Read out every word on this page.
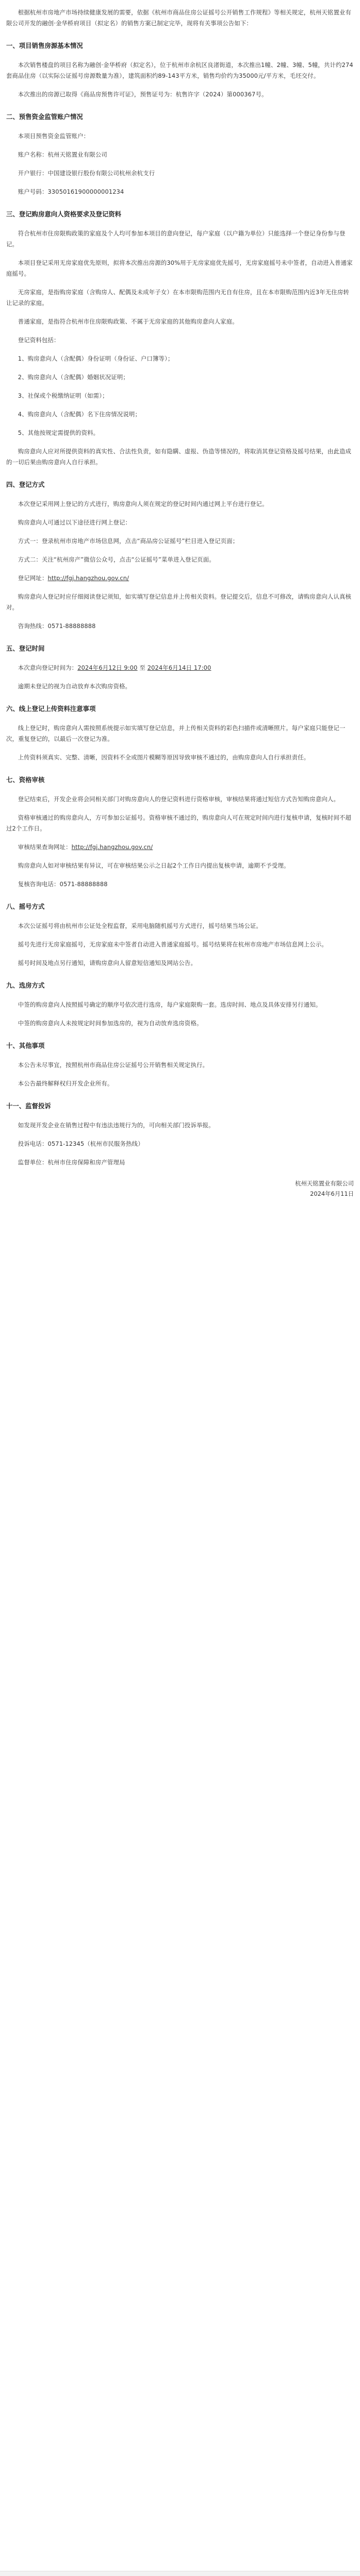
根据杭州市房地产市场持续健康发展的需要，依据《杭州市商品住房公证摇号公开销售工作规程》等相关规定，杭州天铭置业有限公司开发的融创·金华桥府项目（拟定名）的销售方案已制定完毕，现将有关事项公告如下：

一、项目销售房源基本情况

本次销售楼盘的项目名称为融创·金华桥府（拟定名），位于杭州市余杭区良渚街道，本次推出1幢、2幢、3幢、5幢，共计约274套商品住房（以实际公证摇号房源数量为准），建筑面积约89-143平方米，销售均价约为35000元/平方米，毛坯交付。

本次推出的房源已取得《商品房预售许可证》，预售证号为：杭售许字（2024）第000367号。

二、预售资金监管账户情况

本项目预售资金监管账户：

账户名称：杭州天铭置业有限公司

开户银行：中国建设银行股份有限公司杭州余杭支行

账户号码：33050161900000001234

三、登记购房意向人资格要求及登记资料

符合杭州市住房限购政策的家庭及个人均可参加本项目的意向登记，每户家庭（以户籍为单位）只能选择一个登记身份参与登记。

本项目登记采用无房家庭优先原则，拟将本次推出房源的30%用于无房家庭优先摇号，无房家庭摇号未中签者，自动进入普通家庭摇号。

无房家庭，是指购房家庭（含购房人、配偶及未成年子女）在本市限购范围内无自有住房，且在本市限购范围内近3年无住房转让记录的家庭。

普通家庭，是指符合杭州市住房限购政策、不属于无房家庭的其他购房意向人家庭。

登记资料包括：

1、购房意向人（含配偶）身份证明（身份证、户口簿等）；

2、购房意向人（含配偶）婚姻状况证明；

3、社保或个税缴纳证明（如需）；

4、购房意向人（含配偶）名下住房情况说明；

5、其他按规定需提供的资料。

购房意向人应对所提供资料的真实性、合法性负责，如有隐瞒、虚报、伪造等情况的，将取消其登记资格及摇号结果，由此造成的一切后果由购房意向人自行承担。

四、登记方式

本次登记采用网上登记的方式进行，购房意向人须在规定的登记时间内通过网上平台进行登记。

购房意向人可通过以下途径进行网上登记：

方式一：登录杭州市房地产市场信息网，点击“商品房公证摇号”栏目进入登记页面；

方式二：关注“杭州房产”微信公众号，点击“公证摇号”菜单进入登记页面。

登记网址：http://fgj.hangzhou.gov.cn/

购房意向人登记时应仔细阅读登记须知，如实填写登记信息并上传相关资料。登记提交后，信息不可修改，请购房意向人认真核对。

咨询热线：0571-88888888

五、登记时间

本次意向登记时间为：2024年6月12日 9:00 至 2024年6月14日 17:00

逾期未登记的视为自动放弃本次购房资格。

六、线上登记上传资料注意事项

线上登记时，购房意向人需按照系统提示如实填写登记信息，并上传相关资料的彩色扫描件或清晰照片。每户家庭只能登记一次，重复登记的，以最后一次登记为准。

上传资料须真实、完整、清晰，因资料不全或图片模糊等原因导致审核不通过的，由购房意向人自行承担责任。

七、资格审核

登记结束后，开发企业将会同相关部门对购房意向人的登记资料进行资格审核，审核结果将通过短信方式告知购房意向人。

资格审核通过的购房意向人，方可参加公证摇号。资格审核不通过的，购房意向人可在规定时间内进行复核申请，复核时间不超过2个工作日。

审核结果查询网址：http://fgj.hangzhou.gov.cn/

购房意向人如对审核结果有异议，可在审核结果公示之日起2个工作日内提出复核申请，逾期不予受理。

复核咨询电话：0571-88888888

八、摇号方式

本次公证摇号将由杭州市公证处全程监督，采用电脑随机摇号方式进行，摇号结果当场公证。

摇号先进行无房家庭摇号，无房家庭未中签者自动进入普通家庭摇号。摇号结果将在杭州市房地产市场信息网上公示。

摇号时间及地点另行通知，请购房意向人留意短信通知及网站公告。

九、选房方式

中签的购房意向人按照摇号确定的顺序号依次进行选房，每户家庭限购一套。选房时间、地点及具体安排另行通知。

中签的购房意向人未按规定时间参加选房的，视为自动放弃选房资格。

十、其他事项

本公告未尽事宜，按照杭州市商品住房公证摇号公开销售相关规定执行。

本公告最终解释权归开发企业所有。

十一、监督投诉

如发现开发企业在销售过程中有违法违规行为的，可向相关部门投诉举报。

投诉电话：0571-12345（杭州市民服务热线）

监督单位：杭州市住房保障和房产管理局

杭州天铭置业有限公司
2024年6月11日
